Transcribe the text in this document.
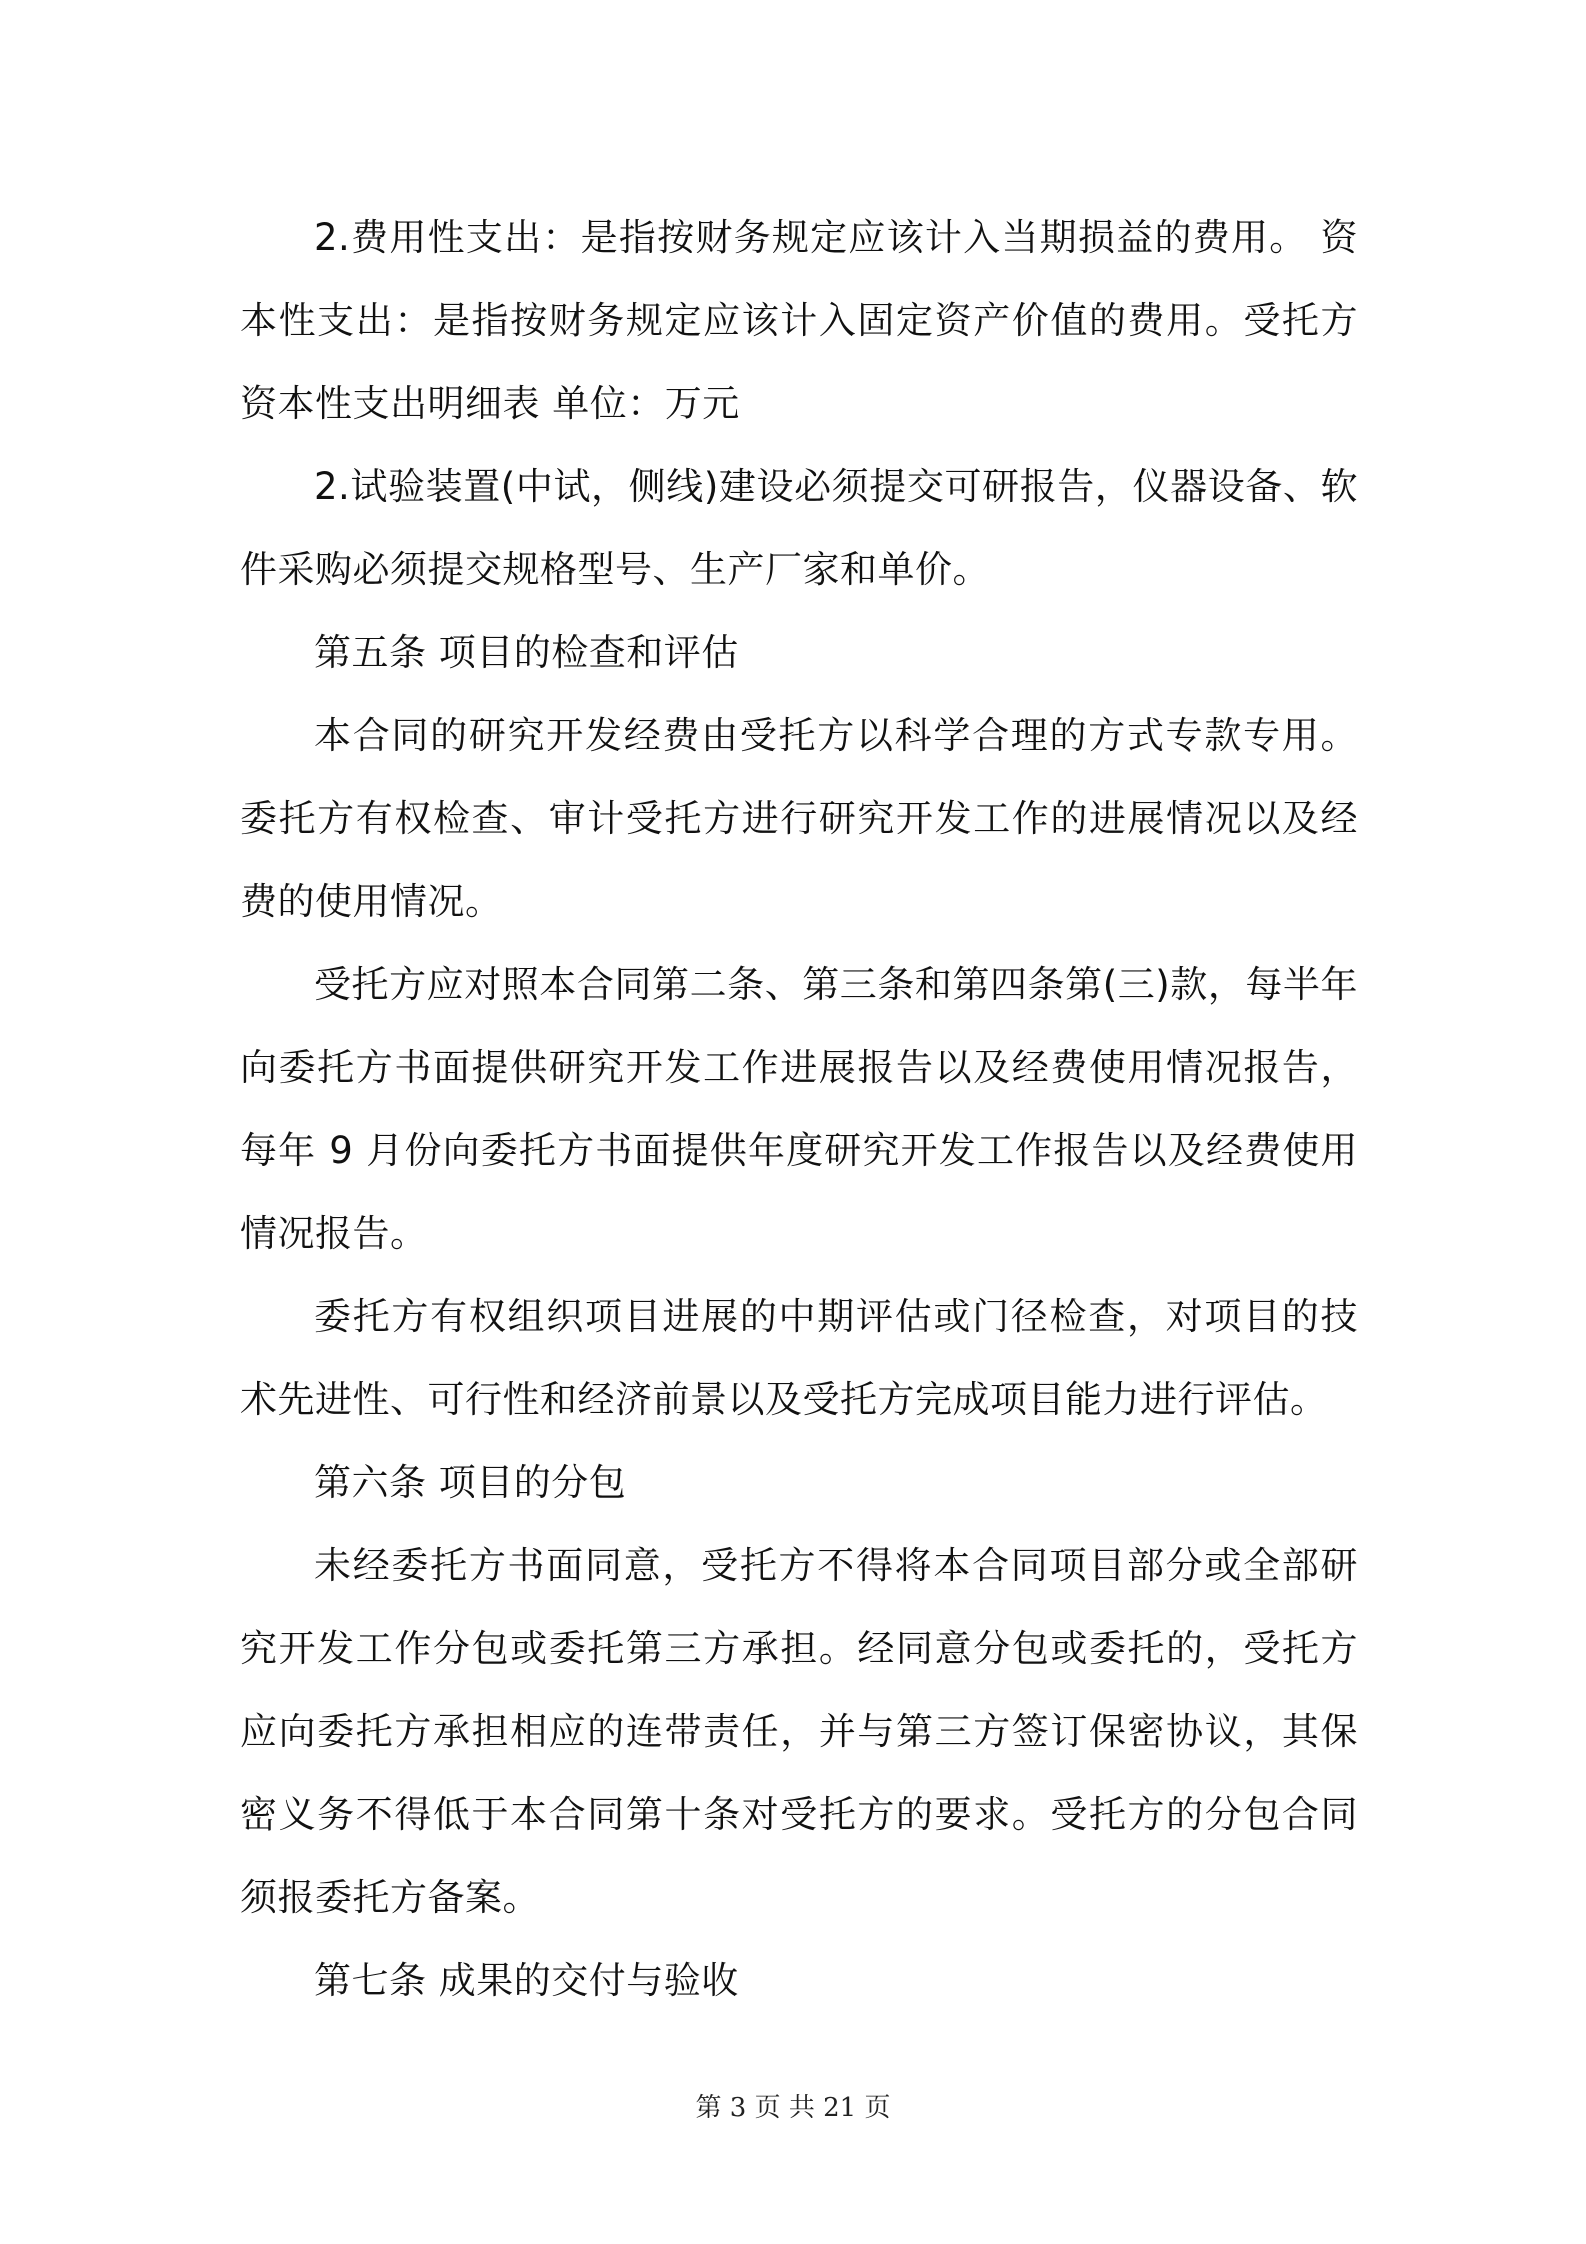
2.费用性支出：是指按财务规定应该计入当期损益的费用。 资本性支出：是指按财务规定应该计入固定资产价值的费用。受托方资本性支出明细表 单位：万元

2.试验装置(中试，侧线)建设必须提交可研报告，仪器设备、软件采购必须提交规格型号、生产厂家和单价。

第五条 项目的检查和评估

本合同的研究开发经费由受托方以科学合理的方式专款专用。委托方有权检查、审计受托方进行研究开发工作的进展情况以及经费的使用情况。

受托方应对照本合同第二条、第三条和第四条第(三)款，每半年向委托方书面提供研究开发工作进展报告以及经费使用情况报告，每年 9 月份向委托方书面提供年度研究开发工作报告以及经费使用情况报告。

委托方有权组织项目进展的中期评估或门径检查，对项目的技术先进性、可行性和经济前景以及受托方完成项目能力进行评估。

第六条 项目的分包

未经委托方书面同意，受托方不得将本合同项目部分或全部研究开发工作分包或委托第三方承担。经同意分包或委托的，受托方应向委托方承担相应的连带责任，并与第三方签订保密协议，其保密义务不得低于本合同第十条对受托方的要求。受托方的分包合同须报委托方备案。

第七条 成果的交付与验收

第 3 页 共 21 页
